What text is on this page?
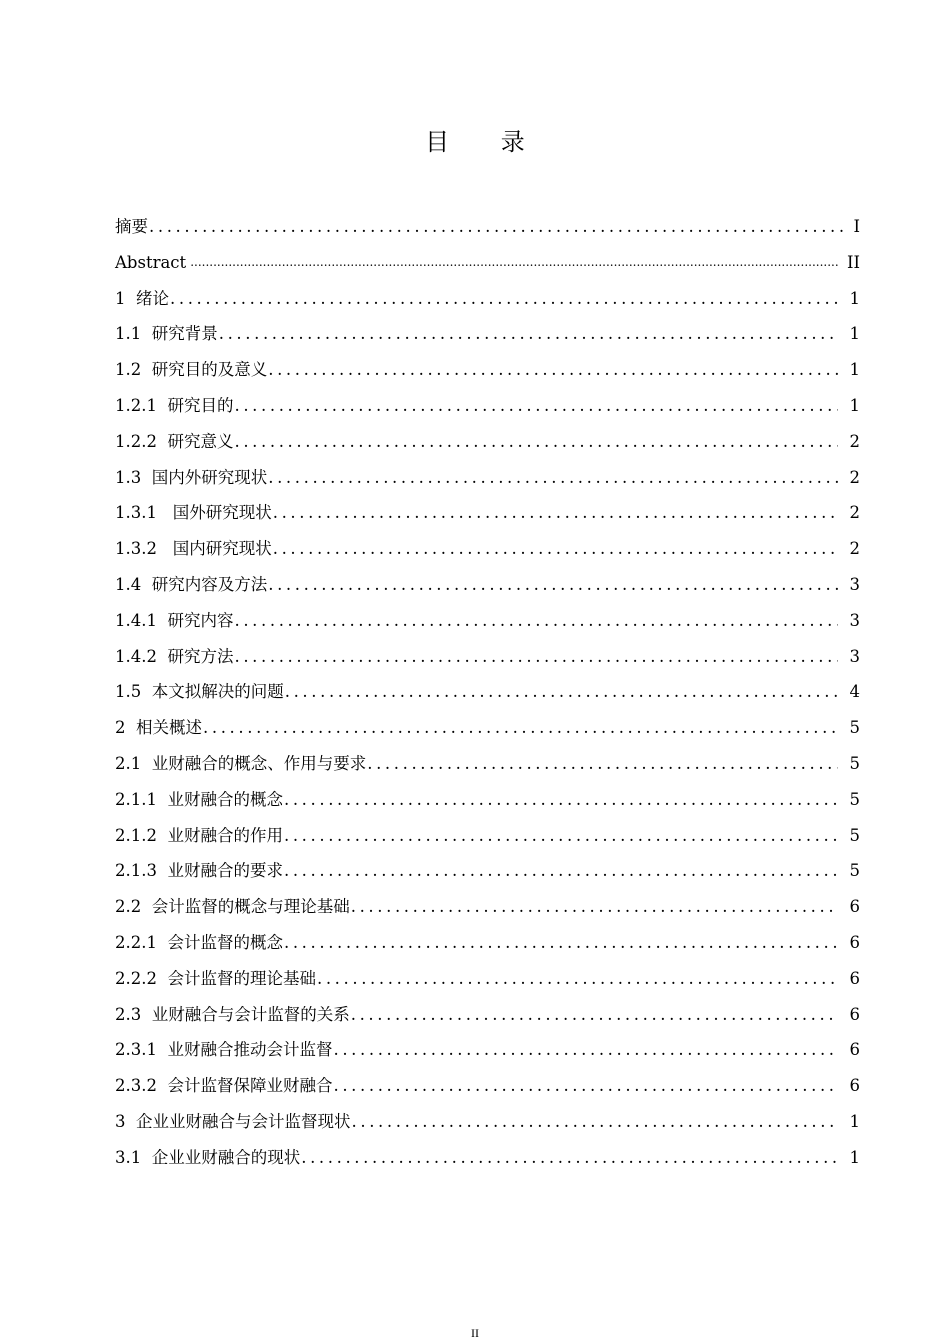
目 录
摘要 .....	I
Abstract .....	II
1  绪论 .....	1
1.1  研究背景 .....	1
1.2  研究目的及意义 .....	1
1.2.1  研究目的 .....	1
1.2.2  研究意义 .....	2
1.3  国内外研究现状 .....	2
1.3.1   国外研究现状 .....	2
1.3.2   国内研究现状 .....	2
1.4  研究内容及方法 .....	3
1.4.1  研究内容 .....	3
1.4.2  研究方法 .....	3
1.5  本文拟解决的问题 .....	4
2  相关概述 .....	5
2.1  业财融合的概念、作用与要求 .....	5
2.1.1  业财融合的概念 .....	5
2.1.2  业财融合的作用 .....	5
2.1.3  业财融合的要求 .....	5
2.2  会计监督的概念与理论基础 .....	6
2.2.1  会计监督的概念 .....	6
2.2.2  会计监督的理论基础 .....	6
2.3  业财融合与会计监督的关系 .....	6
2.3.1  业财融合推动会计监督 .....	6
2.3.2  会计监督保障业财融合 .....	6
3  企业业财融合与会计监督现状 .....	1
3.1  企业业财融合的现状 .....	1
II
